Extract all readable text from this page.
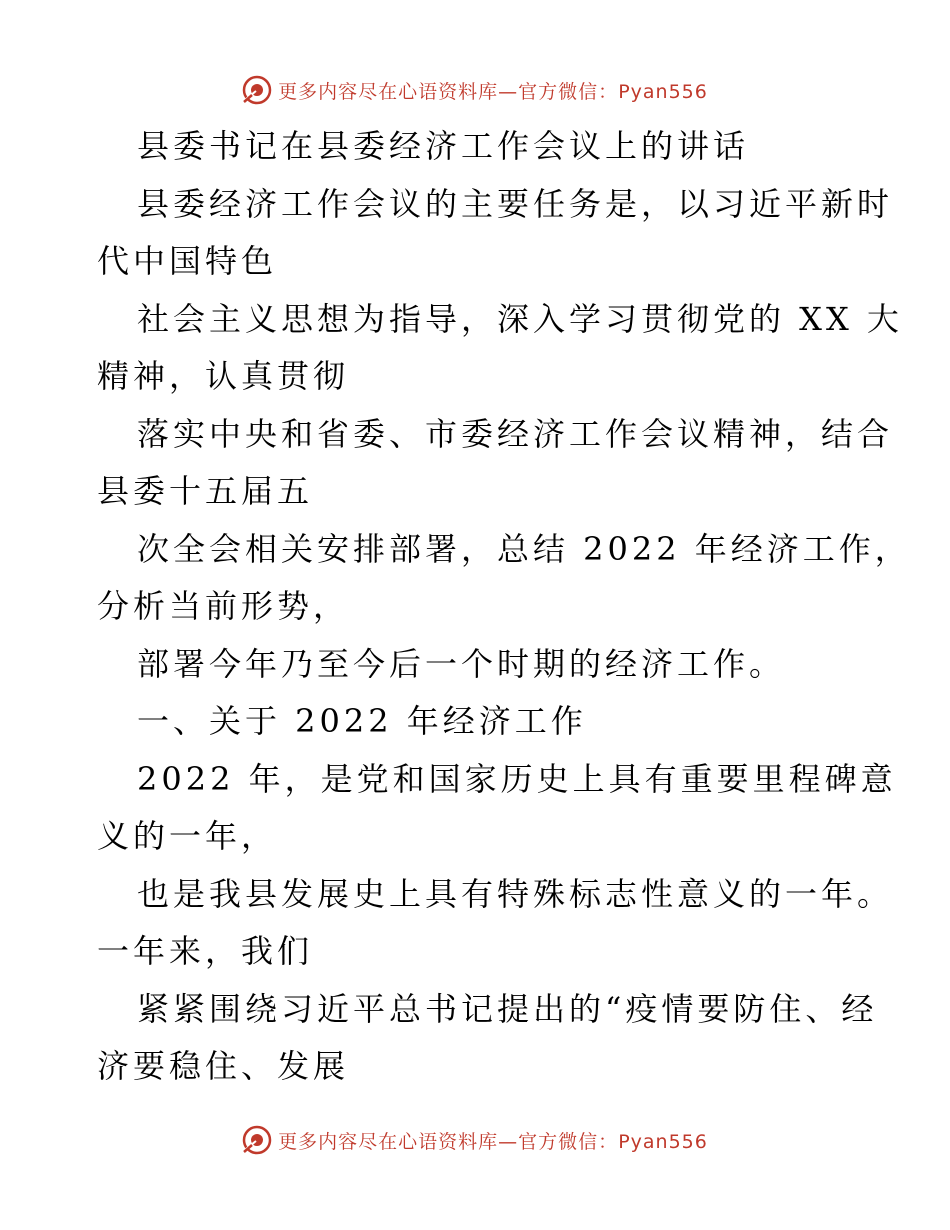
更多内容尽在心语资料库—官方微信：Pyan556
县委书记在县委经济工作会议上的讲话
县委经济工作会议的主要任务是，以习近平新时
代中国特色
社会主义思想为指导，深入学习贯彻党的 XX 大
精神，认真贯彻
落实中央和省委、市委经济工作会议精神，结合
县委十五届五
次全会相关安排部署，总结 2022 年经济工作，
分析当前形势，
部署今年乃至今后一个时期的经济工作。
一、关于 2022 年经济工作
2022 年，是党和国家历史上具有重要里程碑意
义的一年，
也是我县发展史上具有特殊标志性意义的一年。
一年来，我们
紧紧围绕习近平总书记提出的“疫情要防住、经
济要稳住、发展
更多内容尽在心语资料库—官方微信：Pyan556
